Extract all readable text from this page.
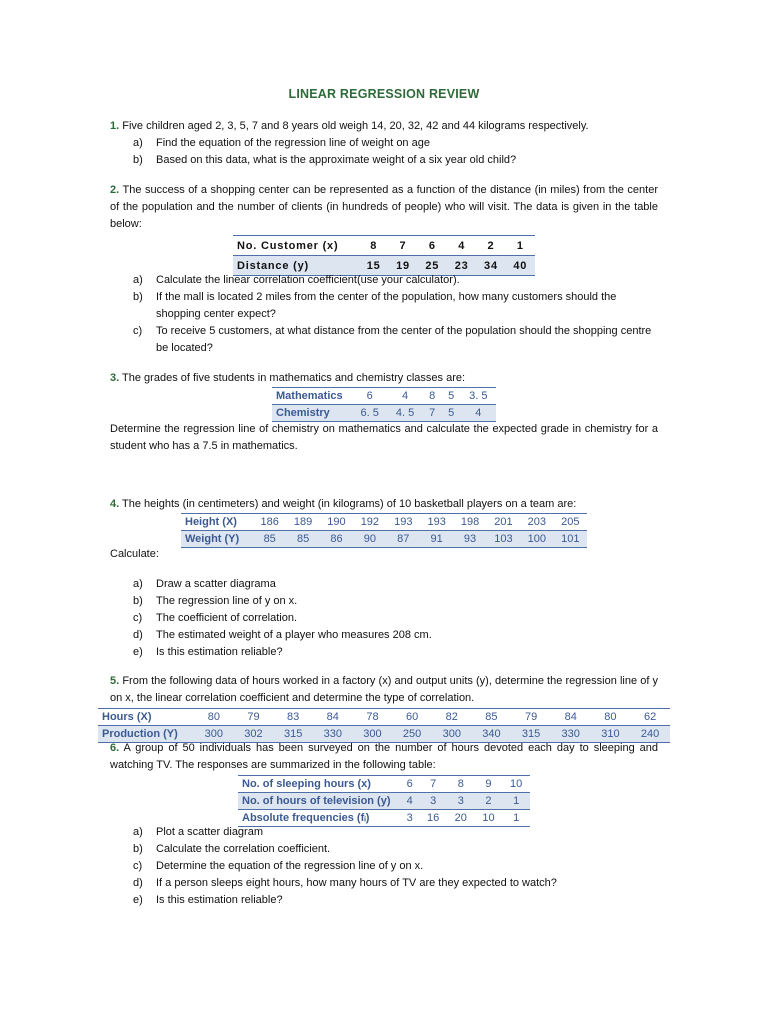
LINEAR REGRESSION REVIEW
1. Five children aged 2, 3, 5, 7 and 8 years old weigh 14, 20, 32, 42 and 44 kilograms respectively.
a) Find the equation of the regression line of weight on age
b) Based on this data, what is the approximate weight of a six year old child?
2. The success of a shopping center can be represented as a function of the distance (in miles) from the center of the population and the number of clients (in hundreds of people) who will visit. The data is given in the table below:
No. Customer (x)	8	7	6	4	2	1
Distance (y)	15	19	25	23	34	40
a) Calculate the linear correlation coefficient(use your calculator).
b) If the mall is located 2 miles from the center of the population, how many customers should the shopping center expect?
c) To receive 5 customers, at what distance from the center of the population should the shopping centre be located?
3. The grades of five students in mathematics and chemistry classes are:
Mathematics	6	4	8	5	3. 5
Chemistry	6. 5	4. 5	7	5	4
Determine the regression line of chemistry on mathematics and calculate the expected grade in chemistry for a student who has a 7.5 in mathematics.
4. The heights (in centimeters) and weight (in kilograms) of 10 basketball players on a team are:
Height (X)	186	189	190	192	193	193	198	201	203	205
Weight (Y)	85	85	86	90	87	91	93	103	100	101
Calculate:
a) Draw a scatter diagrama
b) The regression line of y on x.
c) The coefficient of correlation.
d) The estimated weight of a player who measures 208 cm.
e) Is this estimation reliable?
5. From the following data of hours worked in a factory (x) and output units (y), determine the regression line of y on x, the linear correlation coefficient and determine the type of correlation.
Hours (X)	80	79	83	84	78	60	82	85	79	84	80	62
Production (Y)	300	302	315	330	300	250	300	340	315	330	310	240
6. A group of 50 individuals has been surveyed on the number of hours devoted each day to sleeping and watching TV. The responses are summarized in the following table:
No. of sleeping hours (x)	6	7	8	9	10
No. of hours of television (y)	4	3	3	2	1
Absolute frequencies (fᵢ)	3	16	20	10	1
a) Plot a scatter diagram
b) Calculate the correlation coefficient.
c) Determine the equation of the regression line of y on x.
d) If a person sleeps eight hours, how many hours of TV are they expected to watch?
e) Is this estimation reliable?
